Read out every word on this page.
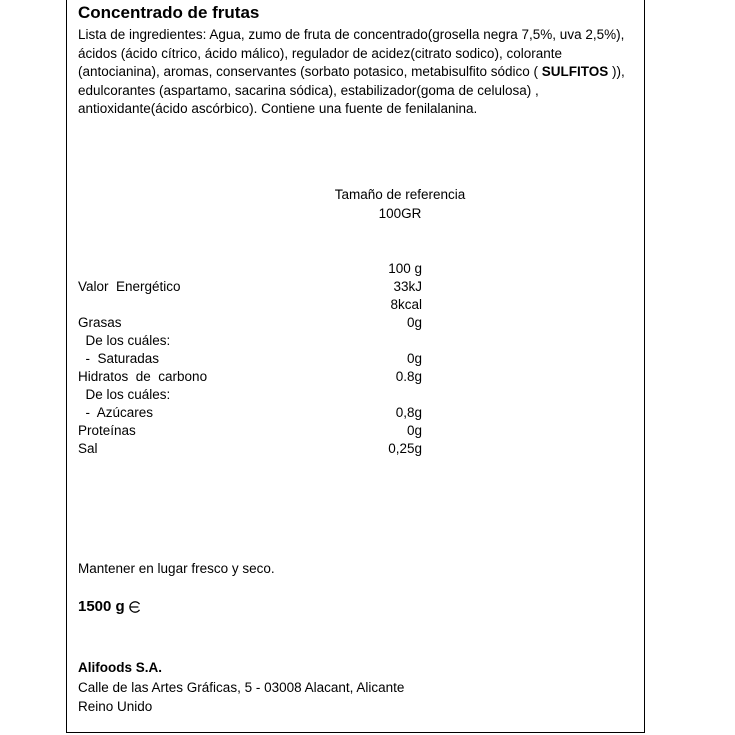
Concentrado de frutas

Lista de ingredientes: Agua, zumo de fruta de concentrado(grosella negra 7,5%, uva 2,5%), ácidos (ácido cítrico, ácido málico), regulador de acidez(citrato sodico), colorante (antocianina), aromas, conservantes (sorbato potasico, metabisulfito sódico ( SULFITOS )), edulcorantes (aspartamo, sacarina sódica), estabilizador(goma de celulosa) , antioxidante(ácido ascórbico). Contiene una fuente de fenilalanina.

Tamaño de referencia
100GR
100 g
Valor  Energético	33kJ
8kcal
Grasas	0g
De los cuáles:
-  Saturadas	0g
Hidratos  de  carbono	0.8g
De los cuáles:
-  Azúcares	0,8g
Proteínas	0g
Sal	0,25g
Mantener en lugar fresco y seco.
1500 g
Alifoods S.A.
Calle de las Artes Gráficas, 5 - 03008 Alacant, Alicante
Reino Unido
